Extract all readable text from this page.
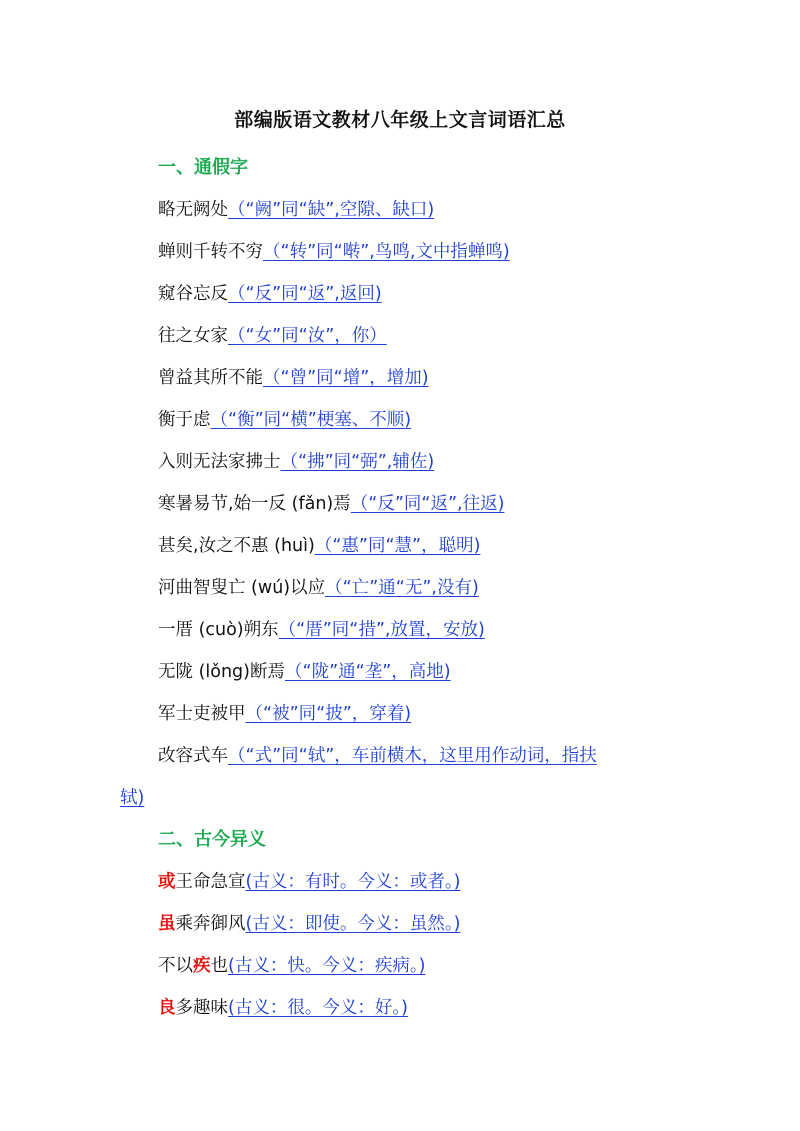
部编版语文教材八年级上文言词语汇总
一、通假字
略无阙处（“阙”同“缺”,空隙、缺口)
蝉则千转不穷（“转”同“啭”,鸟鸣,文中指蝉鸣)
窥谷忘反（“反”同“返”,返回)
往之女家（“女”同“汝”，你）
曾益其所不能（“曾”同“增”，增加)
衡于虑（“衡”同“横”梗塞、不顺)
入则无法家拂士（“拂”同“弼”,辅佐)
寒暑易节,始一反 (fǎn)焉（“反”同“返”,往返)
甚矣,汝之不惠 (huì)（“惠”同“慧”，聪明)
河曲智叟亡 (wú)以应（“亡”通“无”,没有)
一厝 (cuò)朔东（“厝”同“措”,放置，安放)
无陇 (lǒng)断焉（“陇”通“垄”，高地)
军士吏被甲（“被”同“披”，穿着)
改容式车（“式”同“轼”，车前横木，这里用作动词，指扶
轼)
二、古今异义
或王命急宣(古义：有时。今义：或者。)
虽乘奔御风(古义：即使。今义：虽然。)
不以疾也(古义：快。今义：疾病。)
良多趣味(古义：很。今义：好。)
